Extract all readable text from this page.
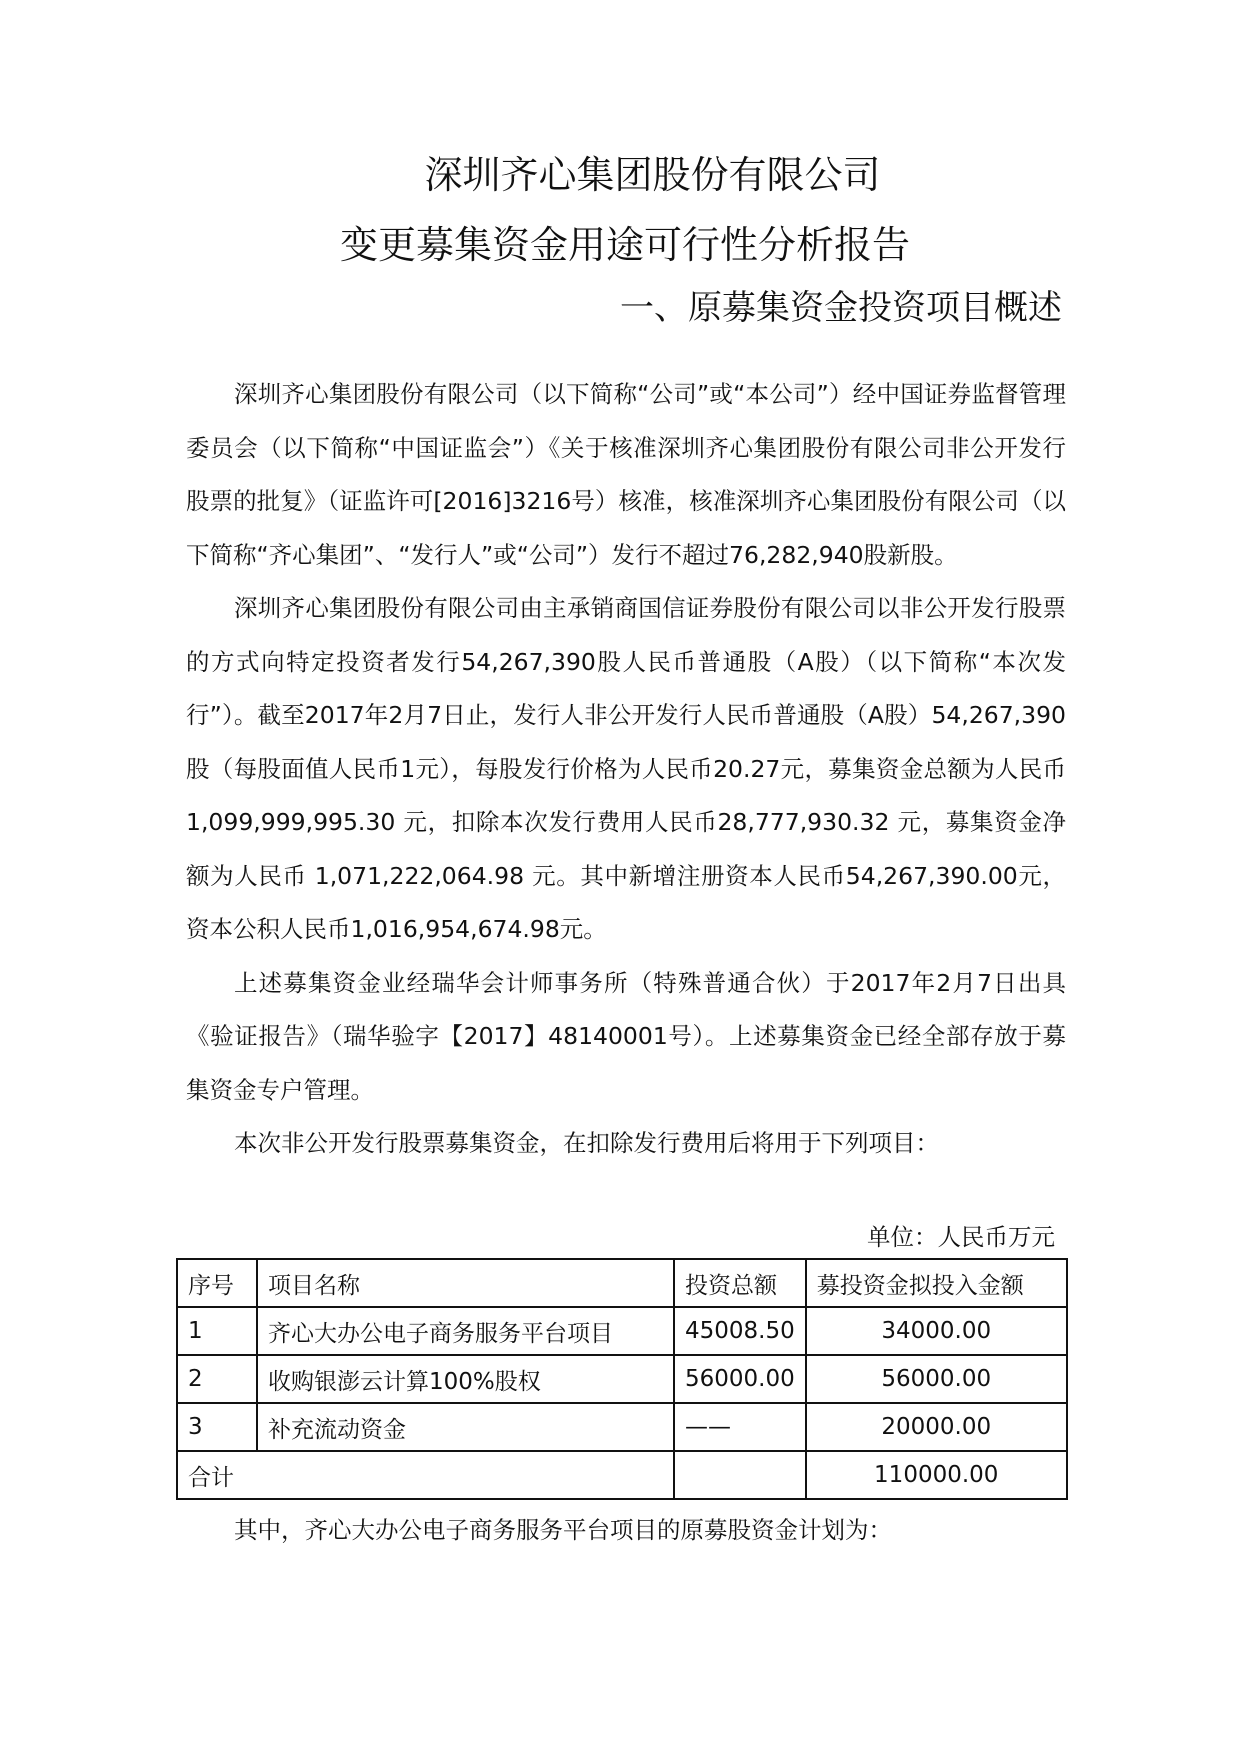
深圳齐心集团股份有限公司
变更募集资金用途可行性分析报告
一、原募集资金投资项目概述

深圳齐心集团股份有限公司（以下简称“公司”或“本公司”）经中国证券监督管理委员会（以下简称“中国证监会”）《关于核准深圳齐心集团股份有限公司非公开发行股票的批复》（证监许可[2016]3216号）核准，核准深圳齐心集团股份有限公司（以下简称“齐心集团”、“发行人”或“公司”）发行不超过76,282,940股新股。

深圳齐心集团股份有限公司由主承销商国信证券股份有限公司以非公开发行股票的方式向特定投资者发行54,267,390股人民币普通股（A股）（以下简称“本次发行”）。截至2017年2月7日止，发行人非公开发行人民币普通股（A股）54,267,390股（每股面值人民币1元），每股发行价格为人民币20.27元，募集资金总额为人民币 1,099,999,995.30 元，扣除本次发行费用人民币28,777,930.32 元，募集资金净额为人民币 1,071,222,064.98 元。其中新增注册资本人民币54,267,390.00元，资本公积人民币1,016,954,674.98元。

上述募集资金业经瑞华会计师事务所（特殊普通合伙）于2017年2月7日出具《验证报告》（瑞华验字【2017】48140001号）。上述募集资金已经全部存放于募集资金专户管理。

本次非公开发行股票募集资金，在扣除发行费用后将用于下列项目：

单位：人民币万元
序号	项目名称	投资总额	募投资金拟投入金额
1	齐心大办公电子商务服务平台项目	45008.50	34000.00
2	收购银澎云计算100%股权	56000.00	56000.00
3	补充流动资金	——	20000.00
合计			110000.00
其中，齐心大办公电子商务服务平台项目的原募股资金计划为：
